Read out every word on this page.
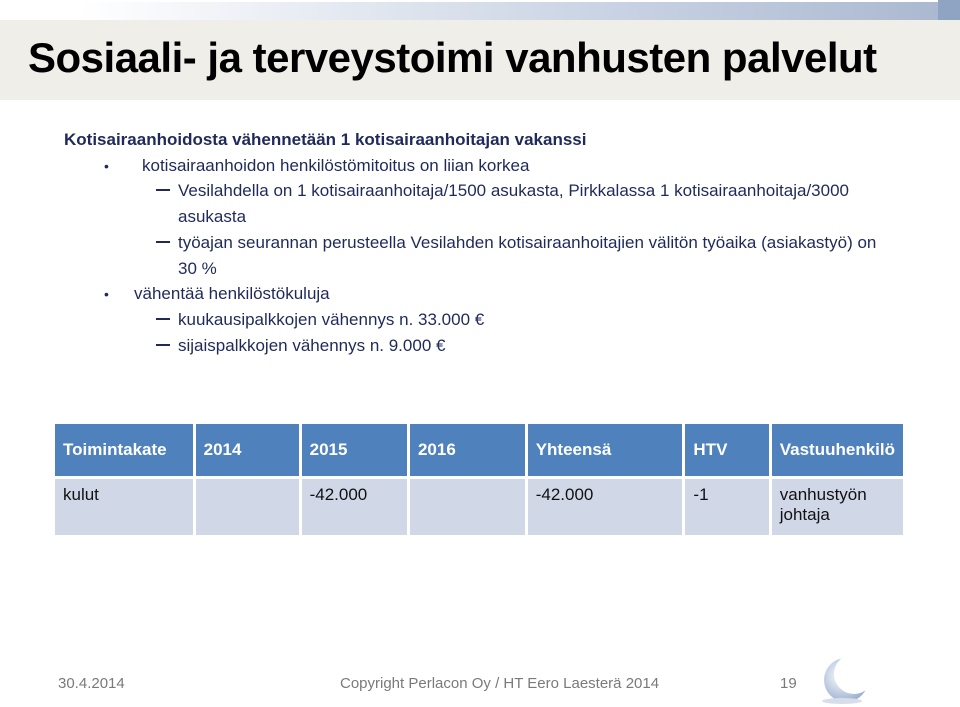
Sosiaali- ja terveystoimi vanhusten palvelut
Kotisairaanhoidosta vähennetään 1 kotisairaanhoitajan vakanssi
• kotisairaanhoidon henkilöstömitoitus on liian korkea
Vesilahdella on 1 kotisairaanhoitaja/1500 asukasta, Pirkkalassa 1 kotisairaanhoitaja/3000
asukasta
työajan seurannan perusteella Vesilahden kotisairaanhoitajien välitön työaika (asiakastyö) on
30 %
• vähentää henkilöstökuluja
kuukausipalkkojen vähennys n. 33.000 €
sijaispalkkojen vähennys n. 9.000 €
Toimintakate	2014	2015	2016	Yhteensä	HTV	Vastuuhenkilö
kulut		-42.000		-42.000	-1	vanhustyön johtaja
30.4.2014	Copyright Perlacon Oy / HT Eero Laesterä 2014	19
